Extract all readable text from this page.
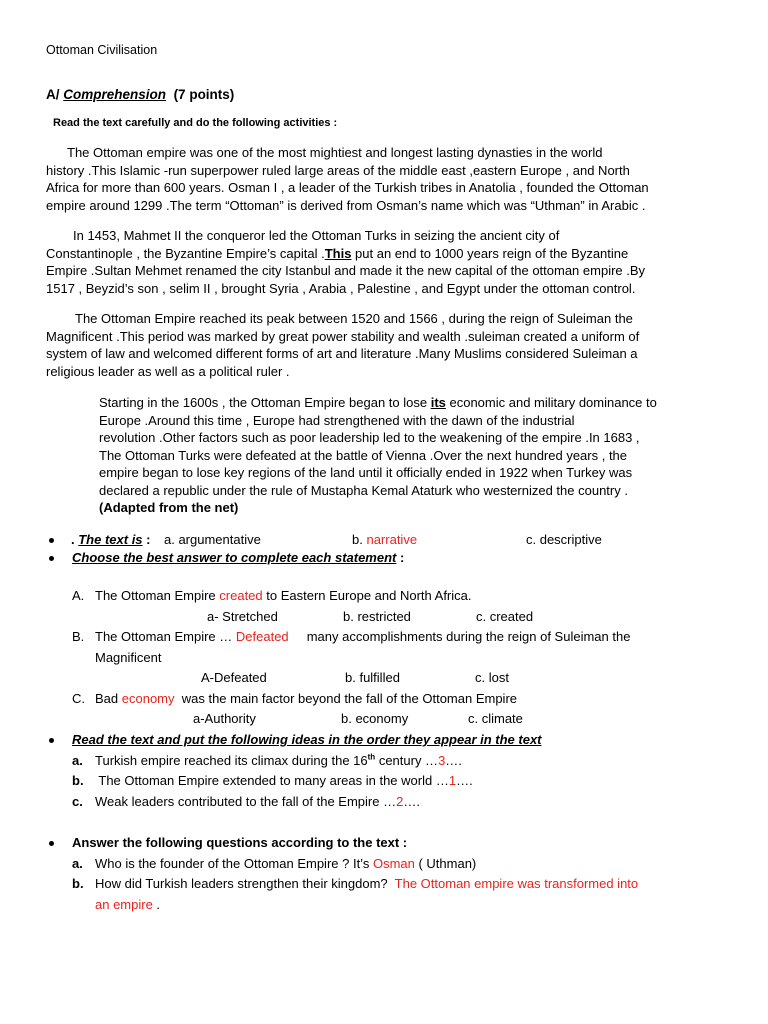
Ottoman Civilisation
A/ Comprehension (7 points)
Read the text carefully and do the following activities :
The Ottoman empire was one of the most mightiest and longest lasting dynasties in the world
history .This Islamic -run superpower ruled large areas of the middle east ,eastern Europe , and North
Africa for more than 600 years. Osman I , a leader of the Turkish tribes in Anatolia , founded the Ottoman
empire around 1299 .The term “Ottoman” is derived from Osman’s name which was “Uthman” in Arabic .
In 1453, Mahmet II the conqueror led the Ottoman Turks in seizing the ancient city of
Constantinople , the Byzantine Empire’s capital .This put an end to 1000 years reign of the Byzantine
Empire .Sultan Mehmet renamed the city Istanbul and made it the new capital of the ottoman empire .By
1517 , Beyzid’s son , selim II , brought Syria , Arabia , Palestine , and Egypt under the ottoman control.
The Ottoman Empire reached its peak between 1520 and 1566 , during the reign of Suleiman the
Magnificent .This period was marked by great power stability and wealth .suleiman created a uniform of
system of law and welcomed different forms of art and literature .Many Muslims considered Suleiman a
religious leader as well as a political ruler .
Starting in the 1600s , the Ottoman Empire began to lose its economic and military dominance to
Europe .Around this time , Europe had strengthened with the dawn of the industrial
revolution .Other factors such as poor leadership led to the weakening of the empire .In 1683 ,
The Ottoman Turks were defeated at the battle of Vienna .Over the next hundred years , the
empire began to lose key regions of the land until it officially ended in 1922 when Turkey was
declared a republic under the rule of Mustapha Kemal Ataturk who westernized the country .
(Adapted from the net)
. The text is : a. argumentative	b. narrative	c. descriptive
Choose the best answer to complete each statement :
A. The Ottoman Empire created to Eastern Europe and North Africa.
a- Stretched	b. restricted	c. created
B. The Ottoman Empire … Defeated     many accomplishments during the reign of Suleiman the
Magnificent
A-Defeated	b. fulfilled	c. lost
C. Bad economy  was the main factor beyond the fall of the Ottoman Empire
a-Authority	b. economy	c. climate
Read the text and put the following ideas in the order they appear in the text
a. Turkish empire reached its climax during the 16th century …3….
b. The Ottoman Empire extended to many areas in the world …1….
c. Weak leaders contributed to the fall of the Empire …2….
Answer the following questions according to the text :
a. Who is the founder of the Ottoman Empire ? It’s Osman ( Uthman)
b. How did Turkish leaders strengthen their kingdom?  The Ottoman empire was transformed into
an empire .
